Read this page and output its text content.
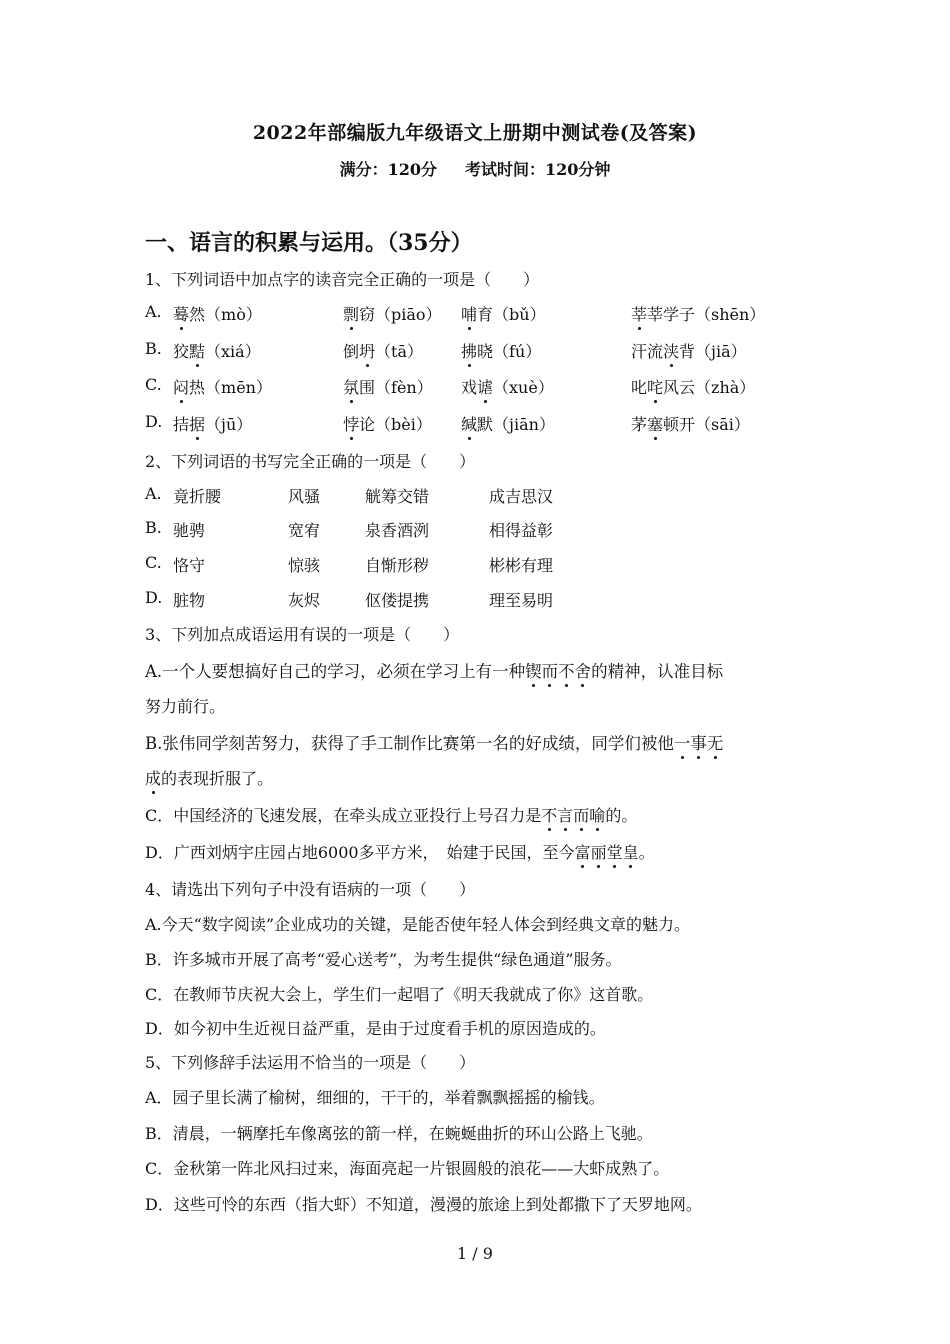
2022年部编版九年级语文上册期中测试卷(及答案)
满分：120分 考试时间：120分钟
一、语言的积累与运用。（35分）
1、下列词语中加点字的读音完全正确的一项是（　　）
A. 蓦然（mò）	剽窃（piāo） 哺育（bǔ）	莘莘学子（shēn）
B. 狡黠（xiá）	倒坍（tā） 拂晓（fú）	汗流浃背（jiā）
C. 闷热（mēn）	氛围（fèn） 戏谑（xuè）	叱咤风云（zhà）
D. 拮据（jū）	悖论（bèi） 缄默（jiān）	茅塞顿开（sāi）
2、下列词语的书写完全正确的一项是（　　）
A. 竟折腰	风骚	觥筹交错	成吉思汉
B. 驰骋	宽宥	泉香酒洌	相得益彰
C. 恪守	惊骇	自惭形秽	彬彬有理
D. 脏物	灰烬	伛偻提携	理至易明
3、下列加点成语运用有误的一项是（　　）
A.一个人要想搞好自己的学习，必须在学习上有一种锲而不舍的精神，认准目标
努力前行。
B.张伟同学刻苦努力，获得了手工制作比赛第一名的好成绩，同学们被他一事无
成的表现折服了。
C．中国经济的飞速发展，在牵头成立亚投行上号召力是不言而喻的。
D．广西刘炳宇庄园占地6000多平方米，　始建于民国，至今富丽堂皇。
4、请选出下列句子中没有语病的一项（　　）
A.今天“数字阅读”企业成功的关键，是能否使年轻人体会到经典文章的魅力。
B．许多城市开展了高考“爱心送考”，为考生提供“绿色通道”服务。
C．在教师节庆祝大会上，学生们一起唱了《明天我就成了你》这首歌。
D．如今初中生近视日益严重，是由于过度看手机的原因造成的。
5、下列修辞手法运用不恰当的一项是（　　）
A．园子里长满了榆树，细细的，干干的，举着飘飘摇摇的榆钱。
B．清晨，一辆摩托车像离弦的箭一样，在蜿蜒曲折的环山公路上飞驰。
C．金秋第一阵北风扫过来，海面亮起一片银圆般的浪花——大虾成熟了。
D．这些可怜的东西（指大虾）不知道，漫漫的旅途上到处都撒下了天罗地网。
1 / 9
